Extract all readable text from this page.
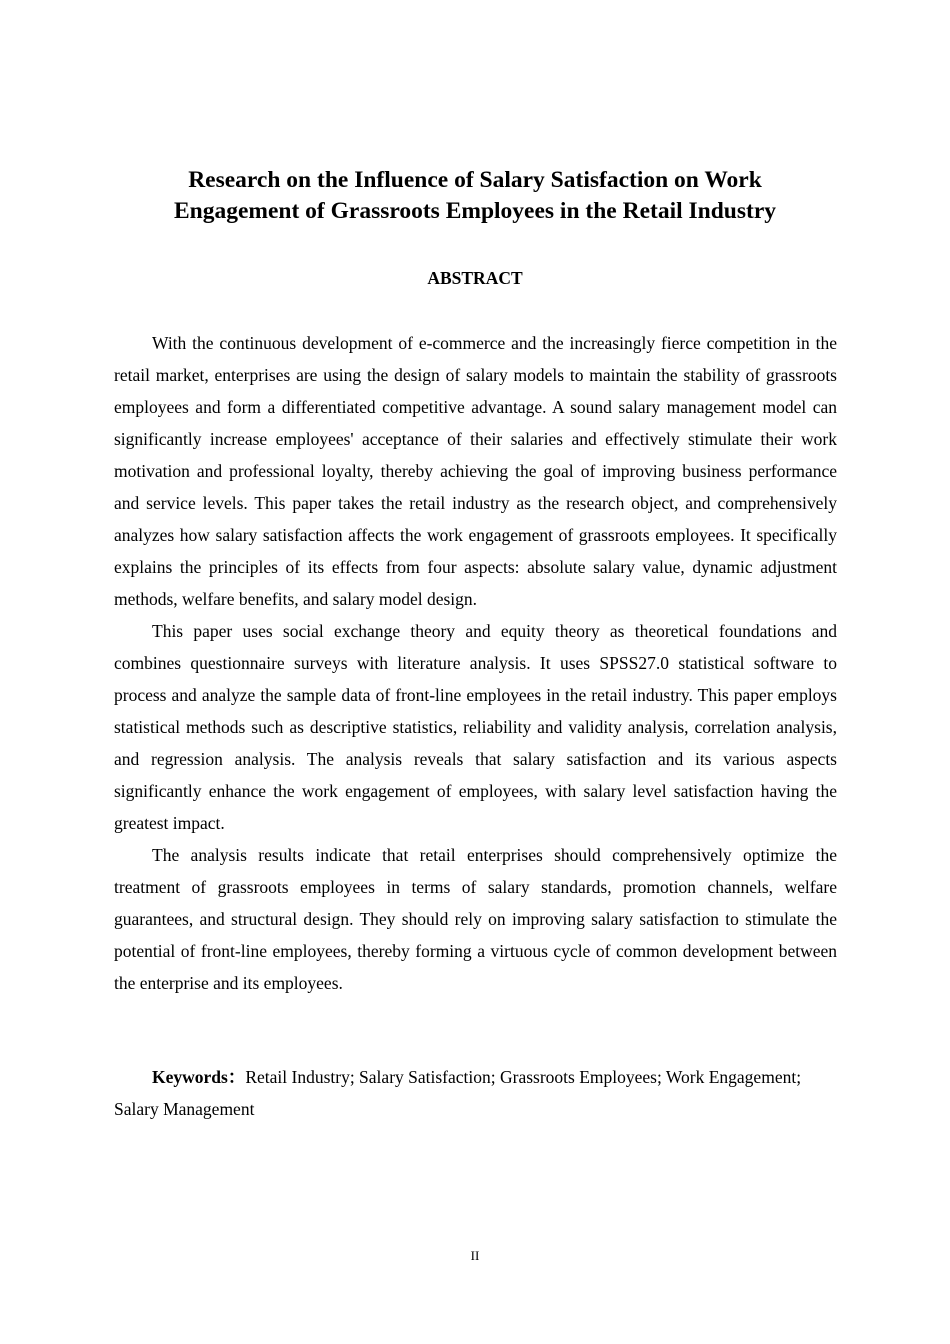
Research on the Influence of Salary Satisfaction on Work
Engagement of Grassroots Employees in the Retail Industry
ABSTRACT

With the continuous development of e-commerce and the increasingly fierce competition in the retail market, enterprises are using the design of salary models to maintain the stability of grassroots employees and form a differentiated competitive advantage. A sound salary management model can significantly increase employees' acceptance of their salaries and effectively stimulate their work motivation and professional loyalty, thereby achieving the goal of improving business performance and service levels. This paper takes the retail industry as the research object, and comprehensively analyzes how salary satisfaction affects the work engagement of grassroots employees. It specifically explains the principles of its effects from four aspects: absolute salary value, dynamic adjustment methods, welfare benefits, and salary model design.

This paper uses social exchange theory and equity theory as theoretical foundations and combines questionnaire surveys with literature analysis. It uses SPSS27.0 statistical software to process and analyze the sample data of front-line employees in the retail industry. This paper employs statistical methods such as descriptive statistics, reliability and validity analysis, correlation analysis, and regression analysis. The analysis reveals that salary satisfaction and its various aspects significantly enhance the work engagement of employees, with salary level satisfaction having the greatest impact.

The analysis results indicate that retail enterprises should comprehensively optimize the treatment of grassroots employees in terms of salary standards, promotion channels, welfare guarantees, and structural design. They should rely on improving salary satisfaction to stimulate the potential of front-line employees, thereby forming a virtuous cycle of common development between the enterprise and its employees.

Keywords：Retail Industry; Salary Satisfaction; Grassroots Employees; Work Engagement; Salary Management

II
